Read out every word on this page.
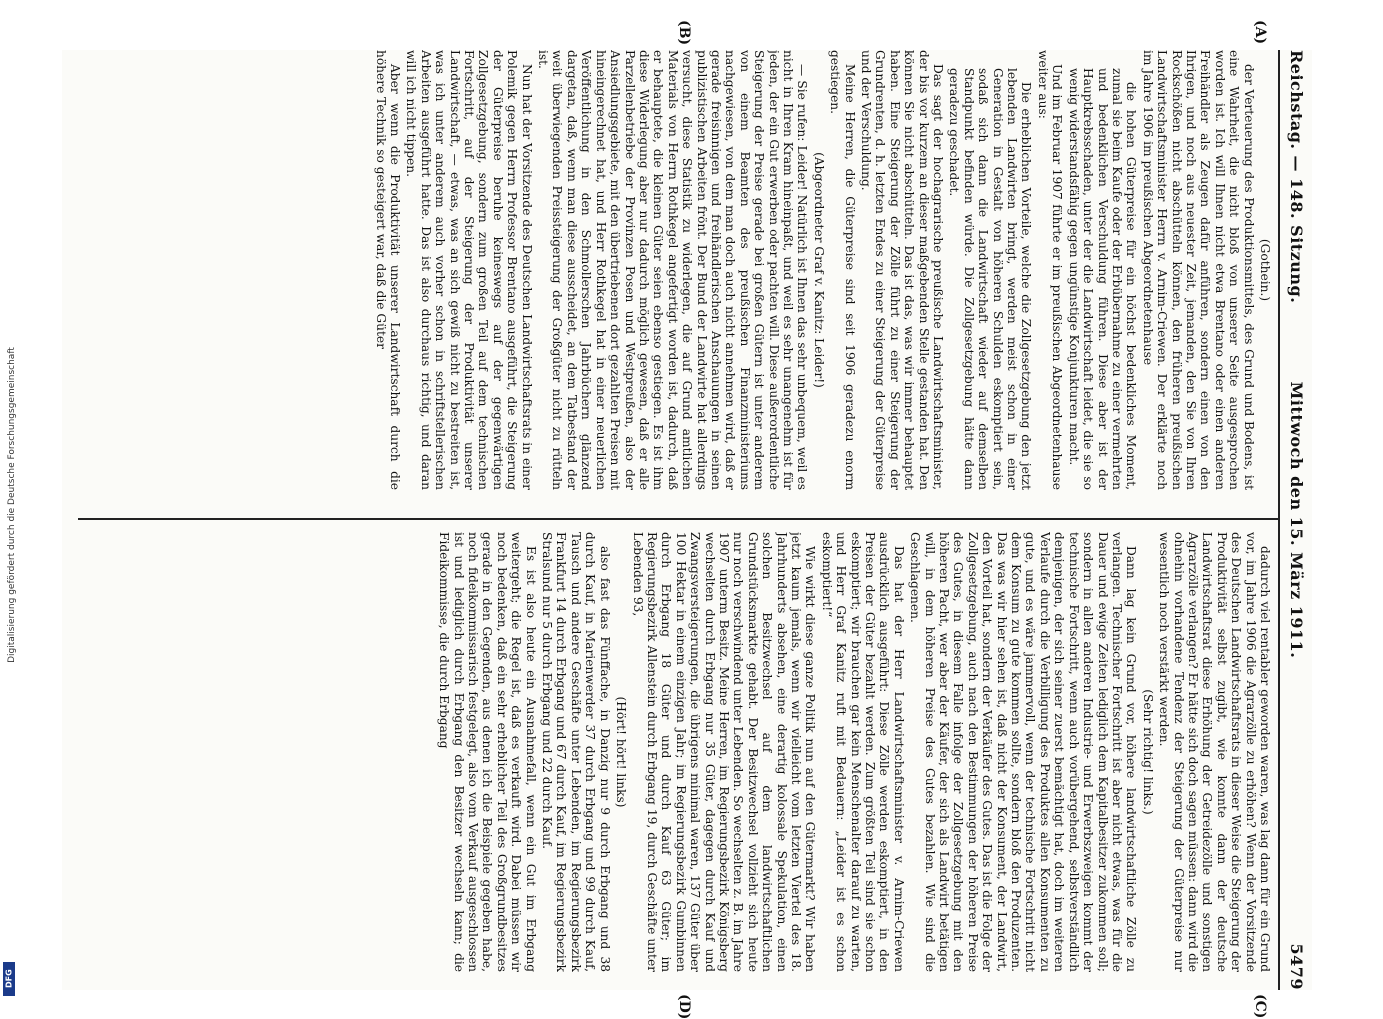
Reichstag. — 148. Sitzung.
Mittwoch den 15. März 1911.
5479
(A)
(B)
(C)
(D)

(Gothein.)

der Verteuerung des Produktionsmittels, des Grund und Bodens, ist eine Wahrheit, die nicht bloß von unserer Seite ausgesprochen worden ist. Ich will Ihnen nicht etwa Brentano oder einen anderen Freihändler als Zeugen dafür anführen, sondern einen von den Ihrigen, und noch aus neuester Zeit, jemanden, den Sie von Ihren Rockschößen nicht abschütteln können, den früheren preußischen Landwirtschaftsminister Herrn v. Arnim-Criewen. Der erklärte noch im Jahre 1906 im preußischen Abgeordnetenhause

die hohen Güterpreise für ein höchst bedenkliches Moment, zumal sie beim Kaufe oder der Erbübernahme zu einer vermehrten und bedenklichen Verschuldung führen. Diese aber ist der Hauptkrebsschaden, unter der die Landwirtschaft leidet, die sie so wenig widerstandsfähig gegen ungünstige Konjunkturen macht.

Und im Februar 1907 führte er im preußischen Abgeordnetenhause weiter aus:

Die erheblichen Vorteile, welche die Zollgesetzgebung den jetzt lebenden Landwirten bringt, werden meist schon in einer Generation in Gestalt von höheren Schulden eskomptiert sein, sodaß sich dann die Landwirtschaft wieder auf demselben Standpunkt befinden würde. Die Zollgesetzgebung hätte dann geradezu geschadet.

Das sagt der hochagrarische preußische Landwirtschaftsminister, der bis vor kurzem an dieser maßgebenden Stelle gestanden hat. Den können Sie nicht abschütteln. Das ist das, was wir immer behauptet haben. Eine Steigerung der Zölle führt zu einer Steigerung der Grundrenten, d. h. letzten Endes zu einer Steigerung der Güterpreise und der Verschuldung.

Meine Herren, die Güterpreise sind seit 1906 geradezu enorm gestiegen.

(Abgeordneter Graf v. Kanitz: Leider!)

— Sie rufen: Leider! Natürlich ist Ihnen das sehr unbequem, weil es nicht in Ihren Kram hineinpaßt, und weil es sehr unangenehm ist für jeden, der ein Gut erwerben oder pachten will. Diese außerordentliche Steigerung der Preise gerade bei großen Gütern ist unter anderem von einem Beamten des preußischen Finanzministeriums nachgewiesen, von dem man doch auch nicht annehmen wird, daß er gerade freisinnigen und freihändlerischen Anschauungen in seinen publizistischen Arbeiten frönt. Der Bund der Landwirte hat allerdings versucht, diese Statistik zu widerlegen, die auf Grund amtlichen Materials von Herrn Rothkegel angefertigt worden ist, dadurch, daß er behauptete, die kleinen Güter seien ebenso gestiegen. Es ist ihm diese Widerlegung aber nur dadurch möglich gewesen, daß er alle Parzellenbetriebe der Provinzen Posen und Westpreußen, also der Ansiedlungsgebiete, mit den übertriebenen dort gezahlten Preisen mit hineingerechnet hat, und Herr Rothkegel hat in einer neuerlichen Veröffentlichung in den Schmollerschen Jahrbüchern glänzend dargetan, daß, wenn man diese ausscheidet, an dem Tatbestand der weit überwiegenden Preissteigerung der Großgüter nicht zu rütteln ist.

Nun hat der Vorsitzende des Deutschen Landwirtschaftsrats in einer Polemik gegen Herrn Professor Brentano ausgeführt, die Steigerung der Güterpreise beruhe keineswegs auf der gegenwärtigen Zollgesetzgebung, sondern zum großen Teil auf dem technischen Fortschritt, auf der Steigerung der Produktivität unserer Landwirtschaft, — etwas, was an sich gewiß nicht zu bestreiten ist, was ich unter anderem auch vorher schon in schriftstellerischen Arbeiten ausgeführt hatte. Das ist also durchaus richtig, und daran will ich nicht tippen.

Aber wenn die Produktivität unserer Landwirtschaft durch die höhere Technik so gesteigert war, daß die Güter

dadurch viel rentabler geworden waren, was lag dann für ein Grund vor, im Jahre 1906 die Agrarzölle zu erhöhen? Wenn der Vorsitzende des Deutschen Landwirtschaftsrats in dieser Weise die Steigerung der Produktivität selbst zugibt, wie konnte dann der deutsche Landwirtschaftsrat diese Erhöhung der Getreidezölle und sonstigen Agrarzölle verlangen? Er hätte sich doch sagen müssen: dann wird die ohnehin vorhandene Tendenz der Steigerung der Güterpreise nur wesentlich noch verstärkt werden.

(Sehr richtig! links.)

Dann lag kein Grund vor, höhere landwirtschaftliche Zölle zu verlangen. Technischer Fortschritt ist aber nicht etwas, was für die Dauer und ewige Zeiten lediglich dem Kapitalbesitzer zukommen soll; sondern in allen anderen Industrie- und Erwerbszweigen kommt der technische Fortschritt, wenn auch vorübergehend, selbstverständlich demjenigen, der sich seiner zuerst bemächtigt hat, doch im weiteren Verlaufe durch die Verbilligung des Produktes allen Konsumenten zu gute, und es wäre jammervoll, wenn der technische Fortschritt nicht dem Konsum zu gute kommen sollte, sondern bloß den Produzenten. Das was wir hier sehen ist, daß nicht der Konsument, der Landwirt, den Vorteil hat, sondern der Verkäufer des Gutes. Das ist die Folge der Zollgesetzgebung, auch nach den Bestimmungen der höheren Preise des Gutes, in diesem Falle infolge der Zollgesetzgebung mit den höheren Pacht, wer aber der Käufer, der sich als Landwirt betätigen will, in dem höheren Preise des Gutes bezahlen. Wie sind die Geschlagenen.

Das hat der Herr Landwirtschaftsminister v. Arnim-Criewen ausdrücklich ausgeführt: Diese Zölle werden eskomptiert, in den Preisen der Güter bezahlt werden. Zum größten Teil sind sie schon eskomptiert; wir brauchen gar kein Menschenalter darauf zu warten, und Herr Graf Kanitz ruft mit Bedauern: „Leider ist es schon eskomptiert!“

Wie wirkt diese ganze Politik nun auf den Gütermarkt? Wir haben jetzt kaum jemals, wenn wir vielleicht vom letzten Viertel des 18. Jahrhunderts absehen, eine derartig kolossale Spekulation, einen solchen Besitzwechsel auf dem landwirtschaftlichen Grundstücksmarkte gehabt. Der Besitzwechsel vollzieht sich heute nur noch verschwindend unter Lebenden. So wechselten z. B. im Jahre 1907 unterm Besitz. Meine Herren, im Regierungsbezirk Königsberg wechselten durch Erbgang nur 35 Güter, dagegen durch Kauf und Zwangsversteigerungen, die übrigens minimal waren, 137 Güter über 100 Hektar in einem einzigen Jahr; im Regierungsbezirk Gumbinnen durch Erbgang 18 Güter und durch Kauf 63 Güter; im Regierungsbezirk Allenstein durch Erbgang 19, durch Geschäfte unter Lebenden 93,

(Hört! hört! links)

also fast das Fünffache, in Danzig nur 9 durch Erbgang und 38 durch Kauf, in Marienwerder 37 durch Erbgang und 99 durch Kauf, Tausch und andere Geschäfte unter Lebenden, im Regierungsbezirk Frankfurt 14 durch Erbgang und 67 durch Kauf, im Regierungsbezirk Stralsund nur 5 durch Erbgang und 22 durch Kauf.

Es ist also heute ein Ausnahmefall, wenn ein Gut im Erbgang weitergeht; die Regel ist, daß es verkauft wird. Dabei müssen wir noch bedenken, daß ein sehr erheblicher Teil des Großgrundbesitzes gerade in den Gegenden, aus denen ich die Beispiele gegeben habe, noch fideikommissarisch festgelegt, also vom Verkauf ausgeschlossen ist und lediglich durch Erbgang den Besitzer wechseln kann; die Fideikommisse, die durch Erbgang

Digitalisierung gefördert durch die Deutsche Forschungsgemeinschaft
DFG
